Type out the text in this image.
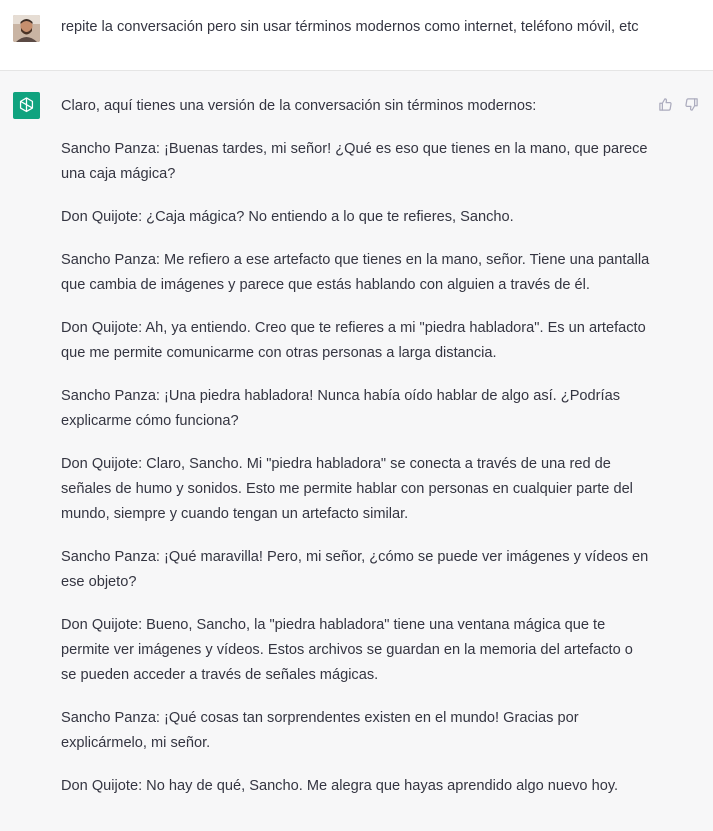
repite la conversación pero sin usar términos modernos como internet, teléfono móvil, etc

Claro, aquí tienes una versión de la conversación sin términos modernos:

Sancho Panza: ¡Buenas tardes, mi señor! ¿Qué es eso que tienes en la mano, que parece una caja mágica?

Don Quijote: ¿Caja mágica? No entiendo a lo que te refieres, Sancho.

Sancho Panza: Me refiero a ese artefacto que tienes en la mano, señor. Tiene una pantalla que cambia de imágenes y parece que estás hablando con alguien a través de él.

Don Quijote: Ah, ya entiendo. Creo que te refieres a mi "piedra habladora". Es un artefacto que me permite comunicarme con otras personas a larga distancia.

Sancho Panza: ¡Una piedra habladora! Nunca había oído hablar de algo así. ¿Podrías explicarme cómo funciona?

Don Quijote: Claro, Sancho. Mi "piedra habladora" se conecta a través de una red de señales de humo y sonidos. Esto me permite hablar con personas en cualquier parte del mundo, siempre y cuando tengan un artefacto similar.

Sancho Panza: ¡Qué maravilla! Pero, mi señor, ¿cómo se puede ver imágenes y vídeos en ese objeto?

Don Quijote: Bueno, Sancho, la "piedra habladora" tiene una ventana mágica que te permite ver imágenes y vídeos. Estos archivos se guardan en la memoria del artefacto o se pueden acceder a través de señales mágicas.

Sancho Panza: ¡Qué cosas tan sorprendentes existen en el mundo! Gracias por explicármelo, mi señor.

Don Quijote: No hay de qué, Sancho. Me alegra que hayas aprendido algo nuevo hoy.
